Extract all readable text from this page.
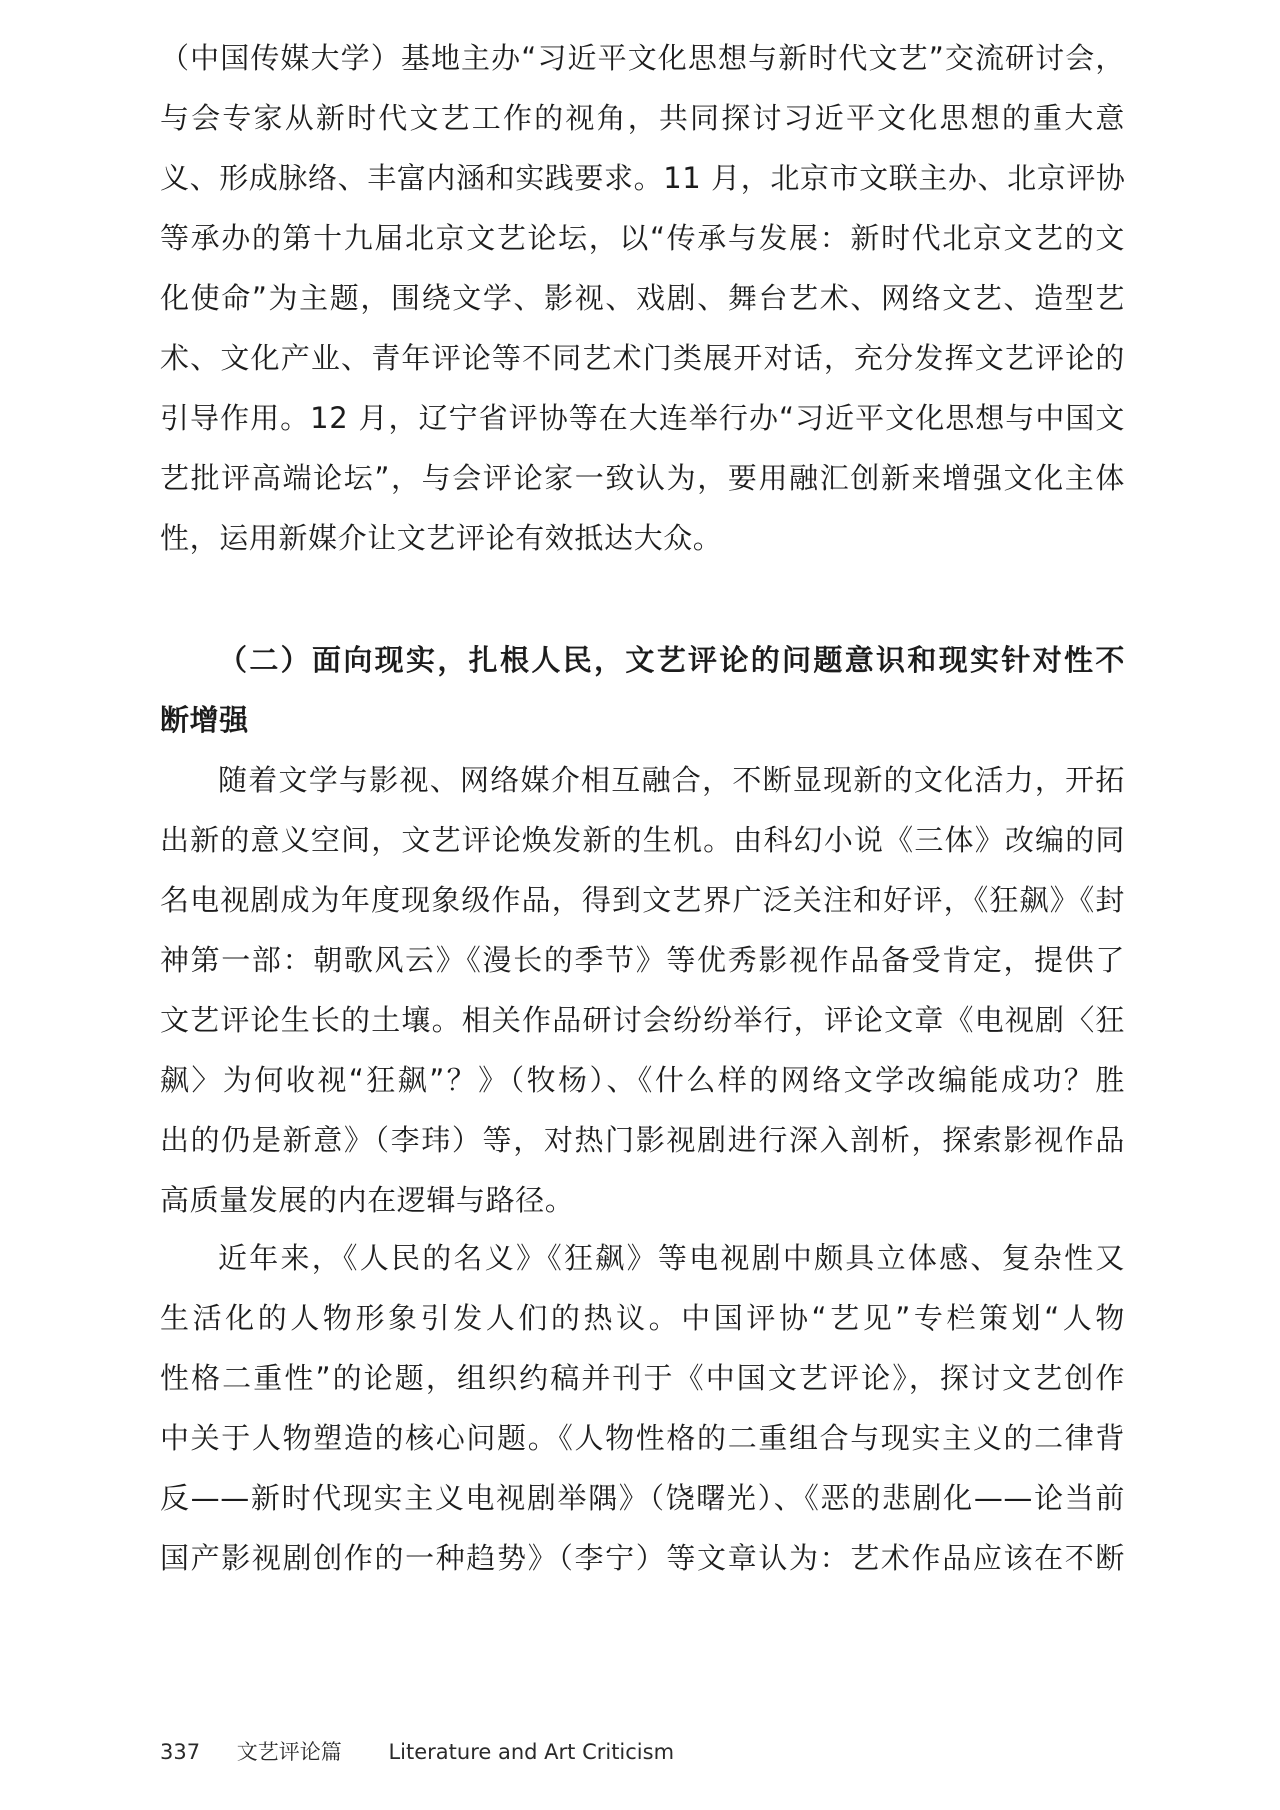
（中国传媒大学）基地主办“习近平文化思想与新时代文艺”交流研讨会，
与会专家从新时代文艺工作的视角，共同探讨习近平文化思想的重大意
义、形成脉络、丰富内涵和实践要求。11 月，北京市文联主办、北京评协
等承办的第十九届北京文艺论坛，以“传承与发展：新时代北京文艺的文
化使命”为主题，围绕文学、影视、戏剧、舞台艺术、网络文艺、造型艺
术、文化产业、青年评论等不同艺术门类展开对话，充分发挥文艺评论的
引导作用。12 月，辽宁省评协等在大连举行办“习近平文化思想与中国文
艺批评高端论坛”，与会评论家一致认为，要用融汇创新来增强文化主体
性，运用新媒介让文艺评论有效抵达大众。
（二）面向现实，扎根人民，文艺评论的问题意识和现实针对性不
断增强
随着文学与影视、网络媒介相互融合，不断显现新的文化活力，开拓
出新的意义空间，文艺评论焕发新的生机。由科幻小说《三体》改编的同
名电视剧成为年度现象级作品，得到文艺界广泛关注和好评，《狂飙》《封
神第一部：朝歌风云》《漫长的季节》等优秀影视作品备受肯定，提供了
文艺评论生长的土壤。相关作品研讨会纷纷举行，评论文章《电视剧〈狂
飙〉为何收视“狂飙”？》（牧杨）、《什么样的网络文学改编能成功？胜
出的仍是新意》（李玮）等，对热门影视剧进行深入剖析，探索影视作品
高质量发展的内在逻辑与路径。
近年来，《人民的名义》《狂飙》等电视剧中颇具立体感、复杂性又
生活化的人物形象引发人们的热议。中国评协“艺见”专栏策划“人物
性格二重性”的论题，组织约稿并刊于《中国文艺评论》，探讨文艺创作
中关于人物塑造的核心问题。《人物性格的二重组合与现实主义的二律背
反——新时代现实主义电视剧举隅》（饶曙光）、《恶的悲剧化——论当前
国产影视剧创作的一种趋势》（李宁）等文章认为：艺术作品应该在不断
337 文艺评论篇 Literature and Art Criticism
